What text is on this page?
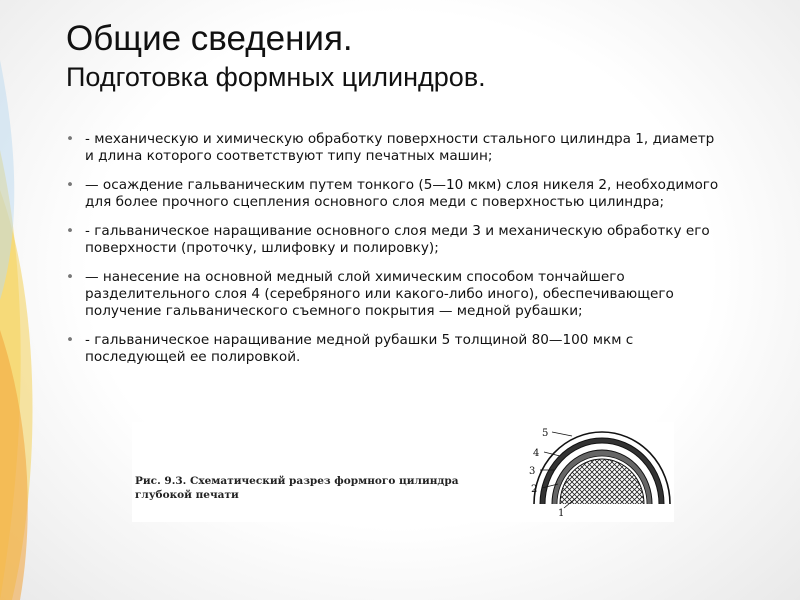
Общие сведения.
Подготовка формных цилиндров.
• - механическую и химическую обработку поверхности стального цилиндра 1, диаметр и длина которого соответствуют типу печатных машин;
• — осаждение гальваническим путем тонкого (5—10 мкм) слоя никеля 2, необходимого для более прочного сцепления основного слоя меди с поверхностью цилиндра;
• - гальваническое наращивание основного слоя меди 3 и механическую обработку его поверхности (проточку, шлифовку и полировку);
• — нанесение на основной медный слой химическим способом тончайшего разделительного слоя 4 (серебряного или какого-либо иного), обеспечивающего получение гальванического съемного покрытия — медной рубашки;
• - гальваническое наращивание медной рубашки 5 толщиной 80—100 мкм с последующей ее полировкой.
Рис. 9.3. Схематический разрез формного цилиндра глубокой печати
5
4
3
2
1
